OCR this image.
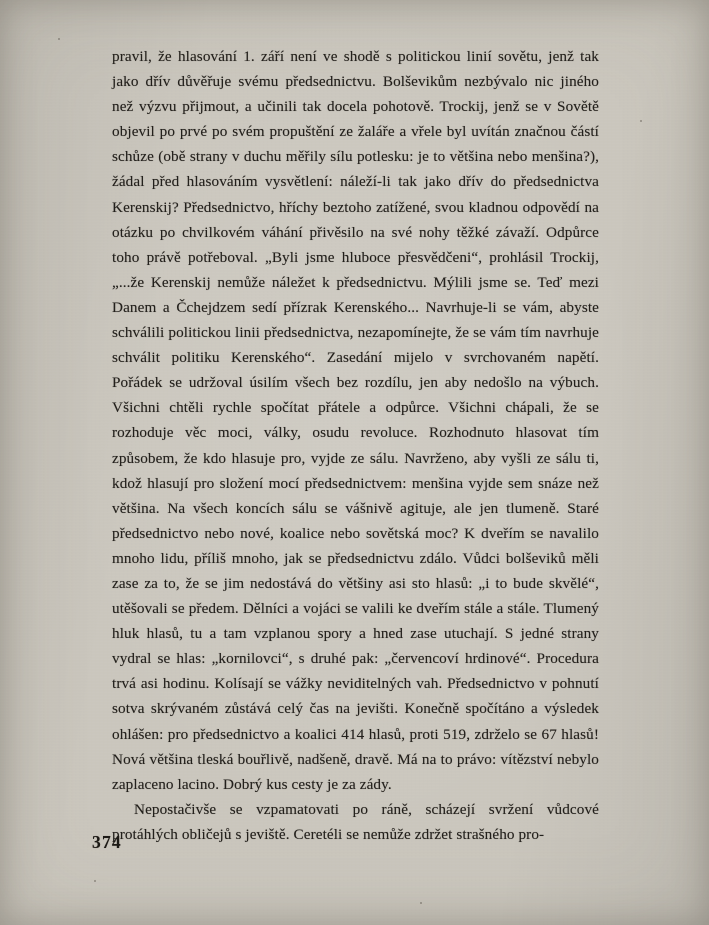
pravil, že hlasování 1. září není ve shodě s politickou linií sovětu, jenž tak jako dřív důvěřuje svému předsednictvu. Bolševikům nezbývalo nic jiného než výzvu přijmout, a učinili tak docela pohotově. Trockij, jenž se v Sovětě objevil po prvé po svém propuštění ze žaláře a vřele byl uvítán značnou částí schůze (obě strany v duchu měřily sílu potlesku: je to většina nebo menšina?), žádal před hlasováním vysvětlení: náleží-li tak jako dřív do předsednictva Kerenskij? Předsednictvo, hříchy beztoho zatížené, svou kladnou odpovědí na otázku po chvilkovém váhání přivěsilo na své nohy těžké závaží. Odpůrce toho právě potřeboval. „Byli jsme hluboce přesvědčeni“, prohlásil Trockij, „...že Kerenskij nemůže náležet k předsednictvu. Mýlili jsme se. Teď mezi Danem a Čchejdzem sedí přízrak Kerenského... Navrhuje-li se vám, abyste schválili politickou linii předsednictva, nezapomínejte, že se vám tím navrhuje schválit politiku Kerenského“. Zasedání mijelo v svrchovaném napětí. Pořádek se udržoval úsilím všech bez rozdílu, jen aby nedošlo na výbuch. Všichni chtěli rychle spočítat přátele a odpůrce. Všichni chápali, že se rozhoduje věc moci, války, osudu revoluce. Rozhodnuto hlasovat tím způsobem, že kdo hlasuje pro, vyjde ze sálu. Navrženo, aby vyšli ze sálu ti, kdož hlasují pro složení mocí předsednictvem: menšina vyjde sem snáze než většina. Na všech koncích sálu se vášnivě agituje, ale jen tlumeně. Staré předsednictvo nebo nové, koalice nebo sovětská moc? K dveřím se navalilo mnoho lidu, příliš mnoho, jak se předsednictvu zdálo. Vůdci bolševiků měli zase za to, že se jim nedostává do většiny asi sto hlasů: „i to bude skvělé“, utěšovali se předem. Dělníci a vojáci se valili ke dveřím stále a stále. Tlumený hluk hlasů, tu a tam vzplanou spory a hned zase utuchají. S jedné strany vydral se hlas: „kornilovci“, s druhé pak: „červencoví hrdinové“. Procedura trvá asi hodinu. Kolísají se vážky neviditelných vah. Předsednictvo v pohnutí sotva skrývaném zůstává celý čas na jevišti. Konečně spočítáno a výsledek ohlášen: pro předsednictvo a koalici 414 hlasů, proti 519, zdrželo se 67 hlasů! Nová většina tleská bouřlivě, nadšeně, dravě. Má na to právo: vítězství nebylo zaplaceno lacino. Dobrý kus cesty je za zády.

Nepostačivše se vzpamatovati po ráně, scházejí svržení vůdcové protáhlých obličejů s jeviště. Ceretéli se nemůže zdržet strašného pro-

374
